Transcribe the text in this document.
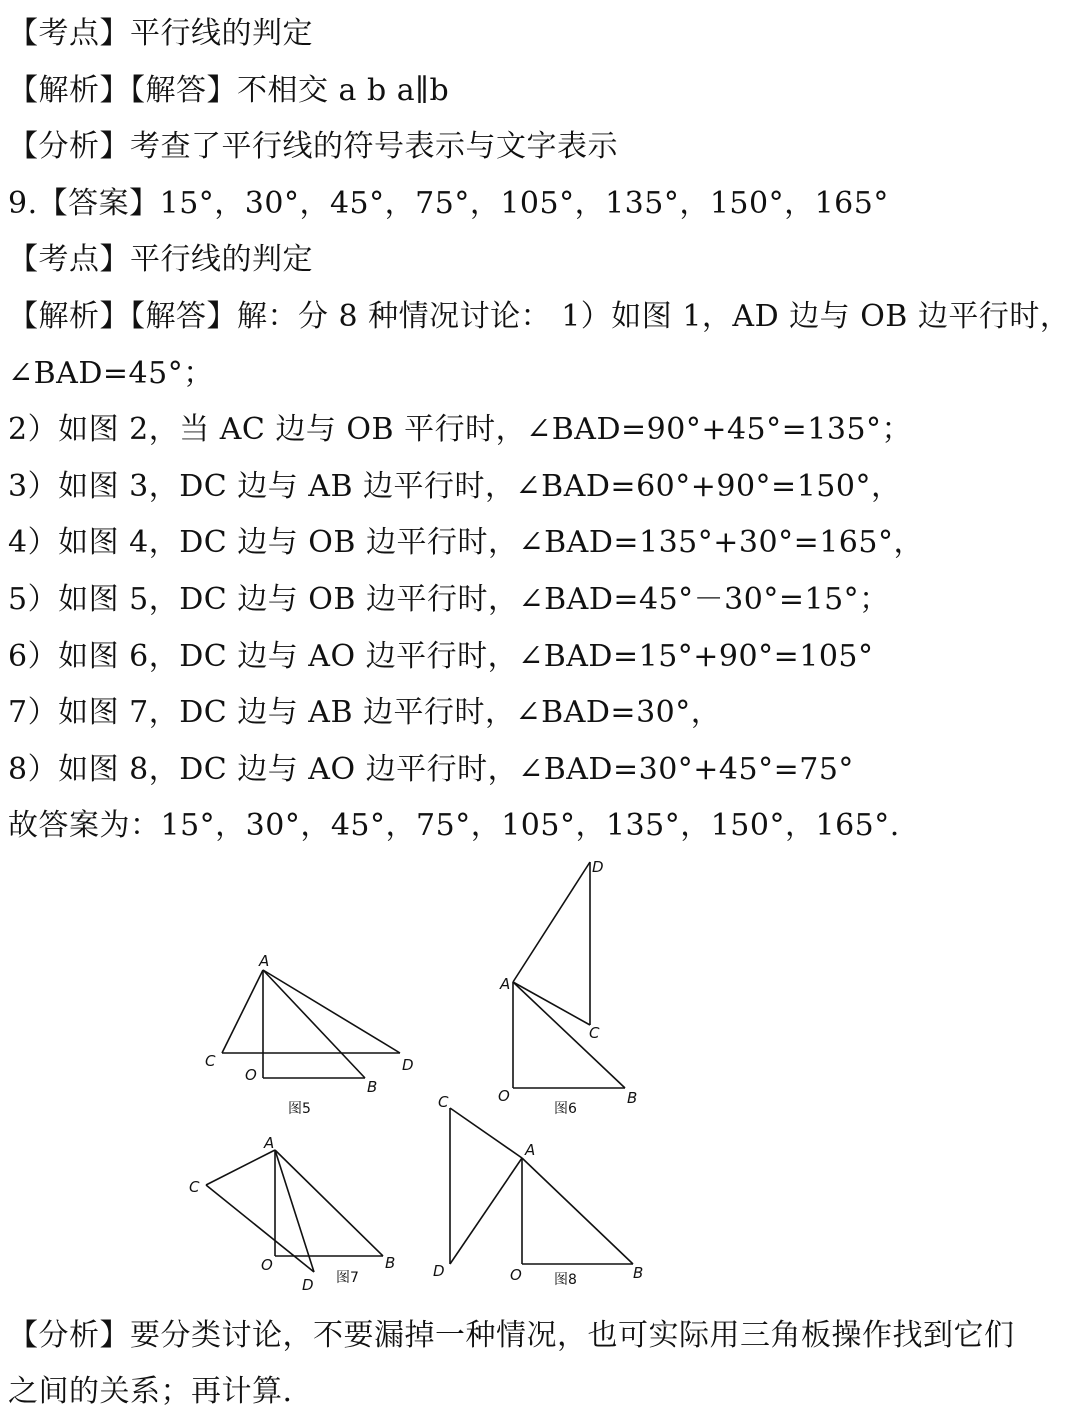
【考点】平行线的判定
【解析】【解答】不相交 a b a∥b
【分析】考查了平行线的符号表示与文字表示
9.【答案】15°，30°，45°，75°，105°，135°，150°，165°
【考点】平行线的判定
【解析】【解答】解：分 8 种情况讨论： 1）如图 1，AD 边与 OB 边平行时，
∠BAD=45°；
2）如图 2，当 AC 边与 OB 平行时，∠BAD=90°+45°=135°；
3）如图 3，DC 边与 AB 边平行时，∠BAD=60°+90°=150°，
4）如图 4，DC 边与 OB 边平行时，∠BAD=135°+30°=165°，
5）如图 5，DC 边与 OB 边平行时，∠BAD=45°－30°=15°；
6）如图 6，DC 边与 AO 边平行时，∠BAD=15°+90°=105°
7）如图 7，DC 边与 AB 边平行时，∠BAD=30°，
8）如图 8，DC 边与 AO 边平行时，∠BAD=30°+45°=75°
故答案为：15°，30°，45°，75°，105°，135°，150°，165°.
A
C	D
O
B
图5
D
A
C
O	B
图6
A
C
O	B
D 图7
C
A
D	O	B
图8
【分析】要分类讨论，不要漏掉一种情况，也可实际用三角板操作找到它们
之间的关系；再计算.
